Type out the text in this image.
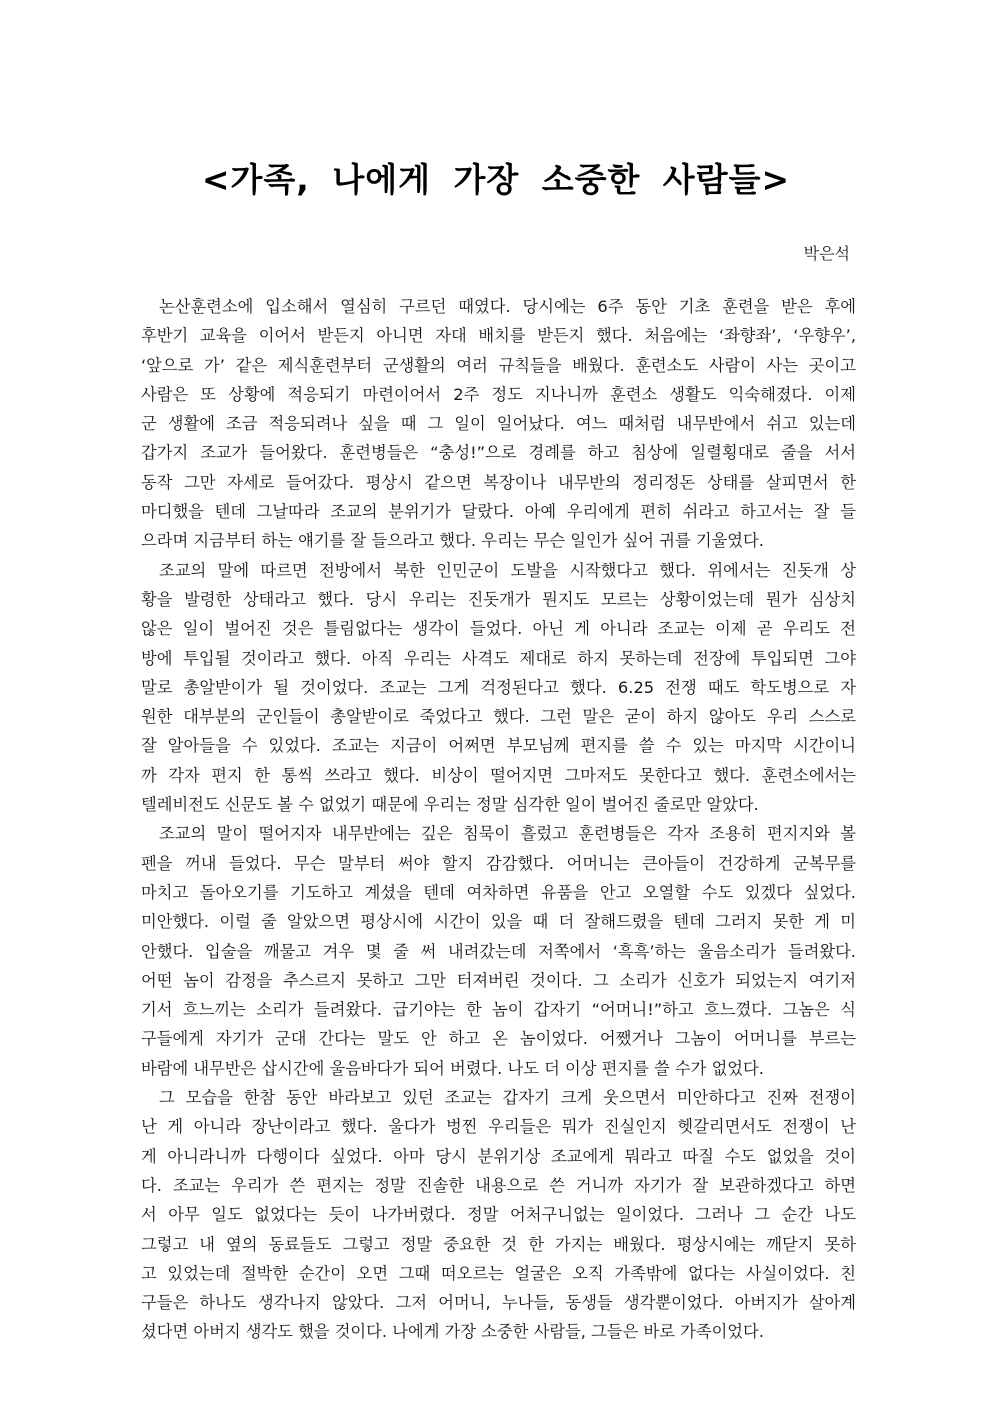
<가족, 나에게 가장 소중한 사람들>
박은석
논산훈련소에 입소해서 열심히 구르던 때였다. 당시에는 6주 동안 기초 훈련을 받은 후에
후반기 교육을 이어서 받든지 아니면 자대 배치를 받든지 했다. 처음에는 ‘좌향좌’, ‘우향우’,
‘앞으로 가’ 같은 제식훈련부터 군생활의 여러 규칙들을 배웠다. 훈련소도 사람이 사는 곳이고
사람은 또 상황에 적응되기 마련이어서 2주 정도 지나니까 훈련소 생활도 익숙해졌다. 이제
군 생활에 조금 적응되려나 싶을 때 그 일이 일어났다. 여느 때처럼 내무반에서 쉬고 있는데
갑가지 조교가 들어왔다. 훈련병들은 “충성!”으로 경례를 하고 침상에 일렬횡대로 줄을 서서
동작 그만 자세로 들어갔다. 평상시 같으면 복장이나 내무반의 정리정돈 상태를 살피면서 한
마디했을 텐데 그날따라 조교의 분위기가 달랐다. 아예 우리에게 편히 쉬라고 하고서는 잘 들
으라며 지금부터 하는 얘기를 잘 들으라고 했다. 우리는 무슨 일인가 싶어 귀를 기울였다.
조교의 말에 따르면 전방에서 북한 인민군이 도발을 시작했다고 했다. 위에서는 진돗개 상
황을 발령한 상태라고 했다. 당시 우리는 진돗개가 뭔지도 모르는 상황이었는데 뭔가 심상치
않은 일이 벌어진 것은 틀림없다는 생각이 들었다. 아닌 게 아니라 조교는 이제 곧 우리도 전
방에 투입될 것이라고 했다. 아직 우리는 사격도 제대로 하지 못하는데 전장에 투입되면 그야
말로 총알받이가 될 것이었다. 조교는 그게 걱정된다고 했다. 6.25 전쟁 때도 학도병으로 자
원한 대부분의 군인들이 총알받이로 죽었다고 했다. 그런 말은 굳이 하지 않아도 우리 스스로
잘 알아들을 수 있었다. 조교는 지금이 어쩌면 부모님께 편지를 쓸 수 있는 마지막 시간이니
까 각자 편지 한 통씩 쓰라고 했다. 비상이 떨어지면 그마저도 못한다고 했다. 훈련소에서는
텔레비전도 신문도 볼 수 없었기 때문에 우리는 정말 심각한 일이 벌어진 줄로만 알았다.
조교의 말이 떨어지자 내무반에는 깊은 침묵이 흘렀고 훈련병들은 각자 조용히 편지지와 볼
펜을 꺼내 들었다. 무슨 말부터 써야 할지 감감했다. 어머니는 큰아들이 건강하게 군복무를
마치고 돌아오기를 기도하고 계셨을 텐데 여차하면 유품을 안고 오열할 수도 있겠다 싶었다.
미안했다. 이럴 줄 알았으면 평상시에 시간이 있을 때 더 잘해드렸을 텐데 그러지 못한 게 미
안했다. 입술을 깨물고 겨우 몇 줄 써 내려갔는데 저쪽에서 ‘흑흑’하는 울음소리가 들려왔다.
어떤 놈이 감정을 추스르지 못하고 그만 터져버린 것이다. 그 소리가 신호가 되었는지 여기저
기서 흐느끼는 소리가 들려왔다. 급기야는 한 놈이 갑자기 “어머니!”하고 흐느꼈다. 그놈은 식
구들에게 자기가 군대 간다는 말도 안 하고 온 놈이었다. 어쨌거나 그놈이 어머니를 부르는
바람에 내무반은 삽시간에 울음바다가 되어 버렸다. 나도 더 이상 편지를 쓸 수가 없었다.
그 모습을 한참 동안 바라보고 있던 조교는 갑자기 크게 웃으면서 미안하다고 진짜 전쟁이
난 게 아니라 장난이라고 했다. 울다가 벙찐 우리들은 뭐가 진실인지 헷갈리면서도 전쟁이 난
게 아니라니까 다행이다 싶었다. 아마 당시 분위기상 조교에게 뭐라고 따질 수도 없었을 것이
다. 조교는 우리가 쓴 편지는 정말 진솔한 내용으로 쓴 거니까 자기가 잘 보관하겠다고 하면
서 아무 일도 없었다는 듯이 나가버렸다. 정말 어처구니없는 일이었다. 그러나 그 순간 나도
그렇고 내 옆의 동료들도 그렇고 정말 중요한 것 한 가지는 배웠다. 평상시에는 깨닫지 못하
고 있었는데 절박한 순간이 오면 그때 떠오르는 얼굴은 오직 가족밖에 없다는 사실이었다. 친
구들은 하나도 생각나지 않았다. 그저 어머니, 누나들, 동생들 생각뿐이었다. 아버지가 살아계
셨다면 아버지 생각도 했을 것이다. 나에게 가장 소중한 사람들, 그들은 바로 가족이었다.
